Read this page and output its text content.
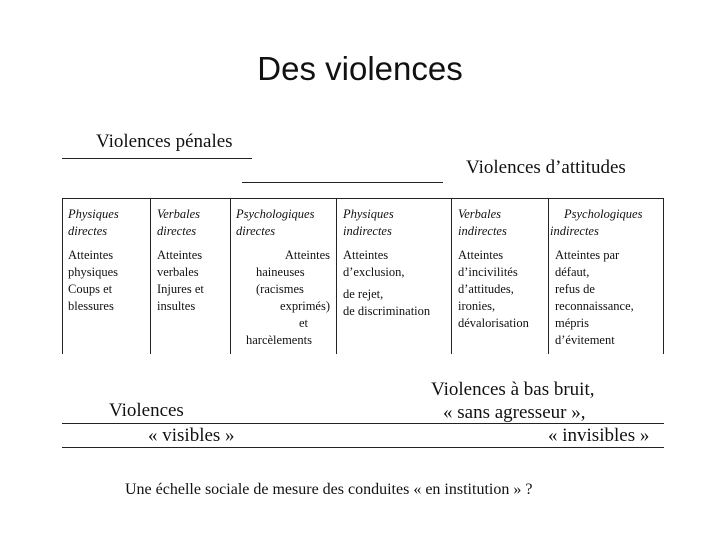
Des violences
Violences pénales
Violences d’attitudes
Physiques
directes
Atteintes
physiques
Coups et
blessures
Verbales
directes
Atteintes
verbales
Injures et
insultes
Psychologiques
directes
Atteintes
haineuses
(racismes
exprimés)
et
harcèlements
Physiques
indirectes
Atteintes
d’exclusion,
de rejet,
de discrimination
Verbales
indirectes
Atteintes
d’incivilités
d’attitudes,
ironies,
dévalorisation
Psychologiques
indirectes
Atteintes par
défaut,
refus de
reconnaissance,
mépris
d’évitement
Violences à bas bruit,
Violences	« sans agresseur »,
« visibles »	« invisibles »
Une échelle sociale de mesure des conduites « en institution » ?
